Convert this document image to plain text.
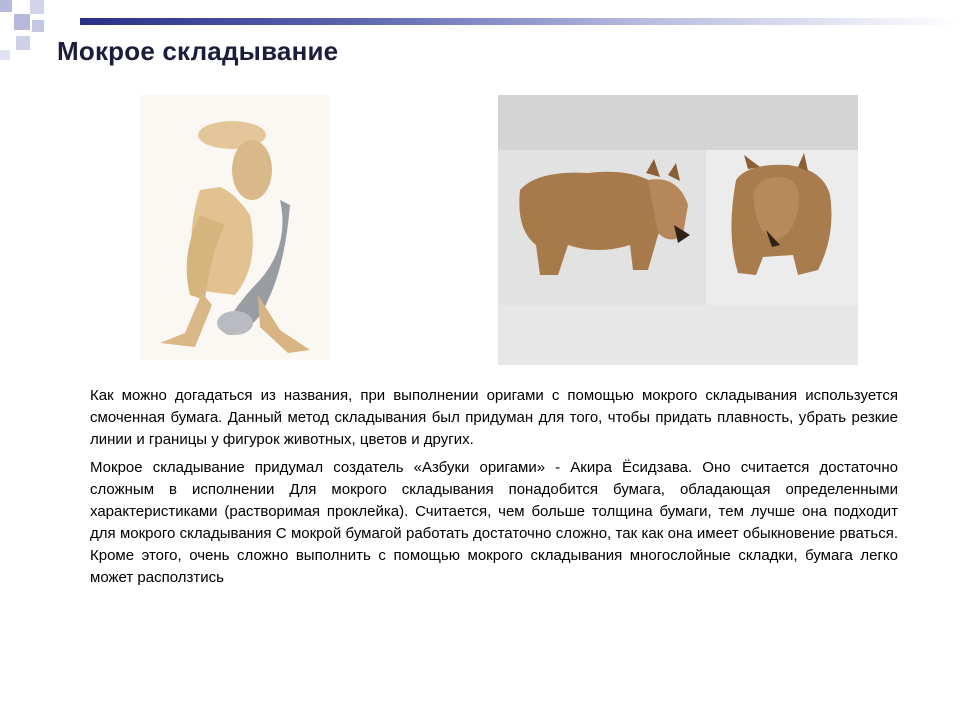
Мокрое складывание

Как можно догадаться из названия, при выполнении оригами с помощью мокрого складывания используется смоченная бумага. Данный метод складывания был придуман для того, чтобы придать плавность, убрать резкие линии и границы у фигурок животных, цветов и других.

Мокрое складывание придумал создатель «Азбуки оригами» - Акира Ёсидзава. Оно считается достаточно сложным в исполнении Для мокрого складывания понадобится бумага, обладающая определенными характеристиками (растворимая проклейка). Считается, чем больше толщина бумаги, тем лучше она подходит для мокрого складывания С мокрой бумагой работать достаточно сложно, так как она имеет обыкновение рваться. Кроме этого, очень сложно выполнить с помощью мокрого складывания многослойные складки, бумага легко может расползтись
